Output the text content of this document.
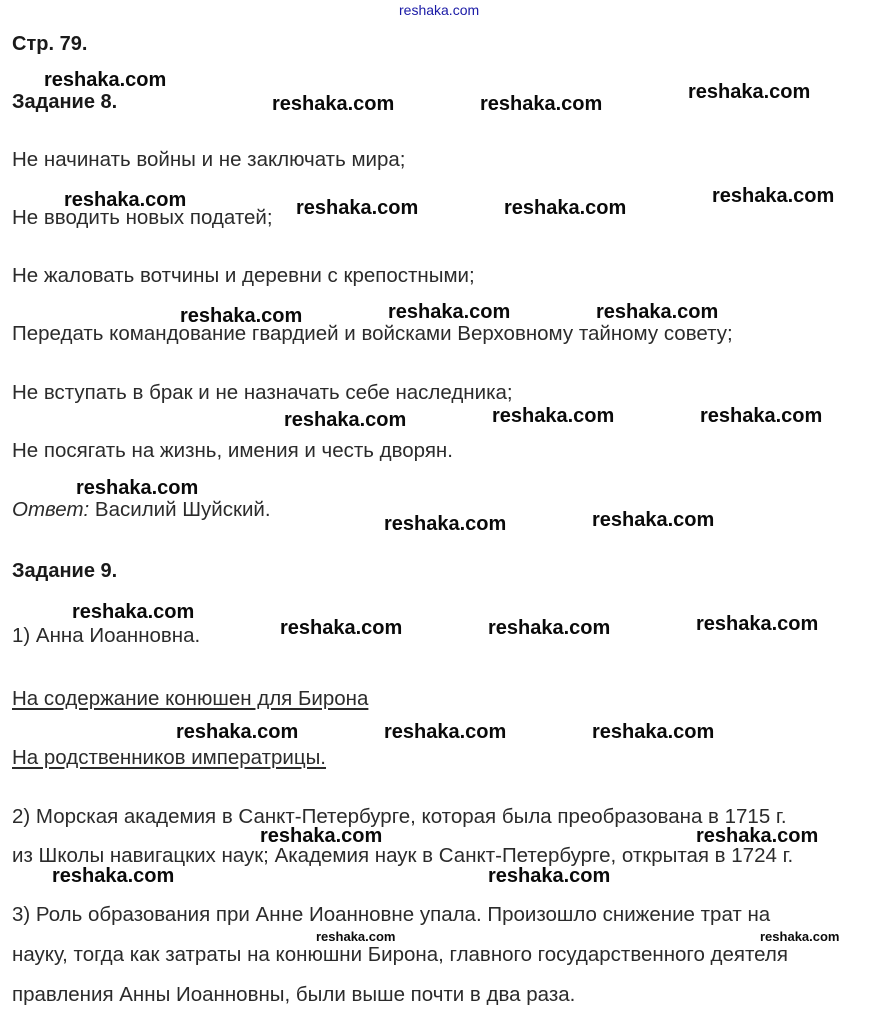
reshaka.com
Стр. 79.
Задание 8.
Не начинать войны и не заключать мира;
Не вводить новых податей;
Не жаловать вотчины и деревни с крепостными;
Передать командование гвардией и войсками Верховному тайному совету;
Не вступать в брак и не назначать себе наследника;
Не посягать на жизнь, имения и честь дворян.
Ответ: Василий Шуйский.
Задание 9.
1) Анна Иоанновна.
На содержание конюшен для Бирона
На родственников императрицы.
2) Морская академия в Санкт-Петербурге, которая была преобразована в 1715 г.
из Школы навигацких наук; Академия наук в Санкт-Петербурге, открытая в 1724 г.
3) Роль образования при Анне Иоанновне упала. Произошло снижение трат на
науку, тогда как затраты на конюшни Бирона, главного государственного деятеля
правления Анны Иоанновны, были выше почти в два раза.
reshaka.com
reshaka.com	reshaka.com
reshaka.com
reshaka.com	reshaka.com	reshaka.com
reshaka.com
reshaka.com	reshaka.com	reshaka.com
reshaka.com	reshaka.com	reshaka.com
reshaka.com
reshaka.com	reshaka.com
reshaka.com
reshaka.com	reshaka.com	reshaka.com
reshaka.com	reshaka.com	reshaka.com
reshaka.com	reshaka.com
reshaka.com	reshaka.com
reshaka.com	reshaka.com
